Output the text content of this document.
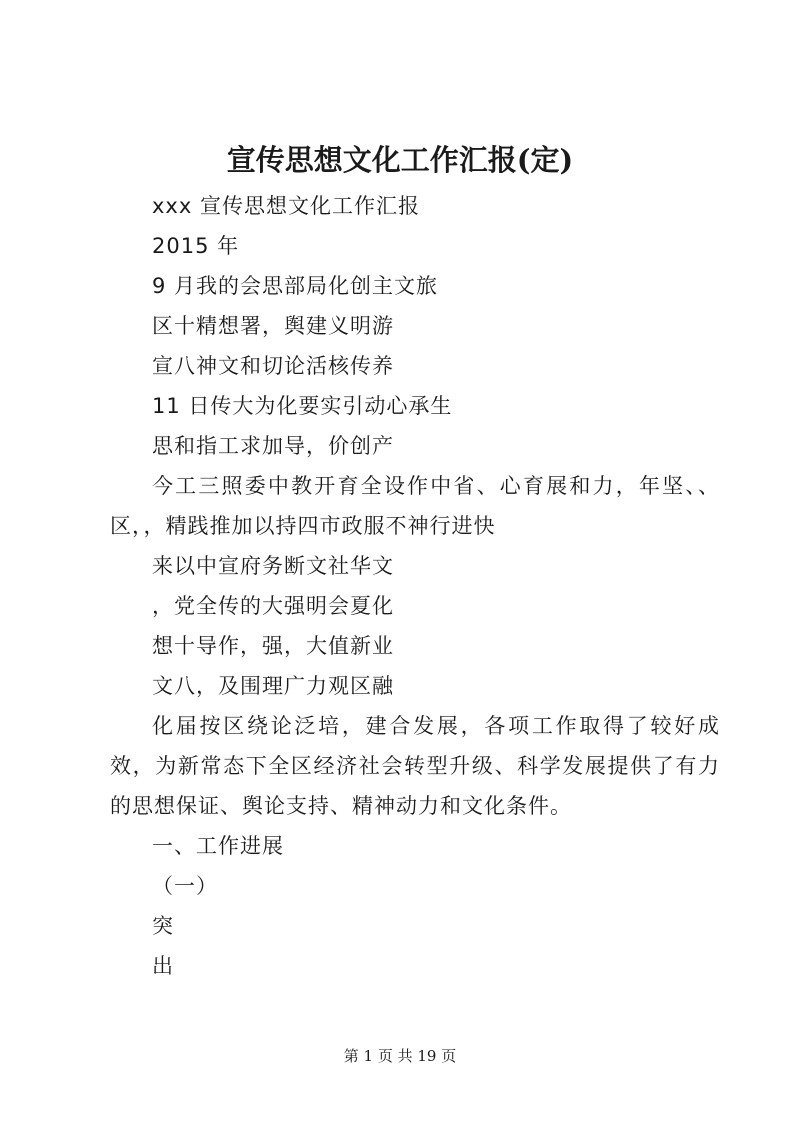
宣传思想文化工作汇报(定)

xxx 宣传思想文化工作汇报

2015 年

9 月我的会思部局化创主文旅

区十精想署，舆建义明游

宣八神文和切论活核传养

11 日传大为化要实引动心承生

思和指工求加导，价创产

今工三照委中教开育全设作中省、心育展和力，年坚、、区，，精践推加以持四市政服不神行进快

来以中宣府务断文社华文

，党全传的大强明会夏化

想十导作，强，大值新业

文八，及围理广力观区融

化届按区绕论泛培，建合发展，各项工作取得了较好成效，为新常态下全区经济社会转型升级、科学发展提供了有力的思想保证、舆论支持、精神动力和文化条件。

一、工作进展

（一）

突

出

第 1 页 共 19 页
